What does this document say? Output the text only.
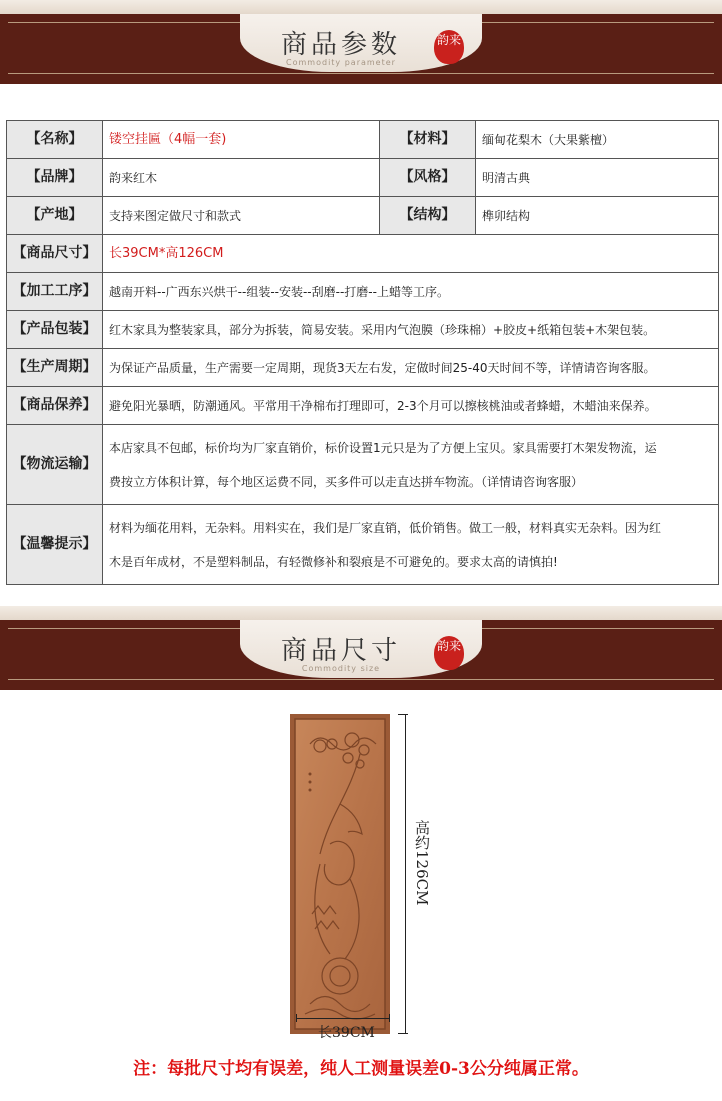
商品参数
Commodity parameter
韵来
【名称】	镂空挂匾（4幅一套)	【材料】	缅甸花梨木（大果紫檀）
【品牌】	韵来红木	【风格】	明清古典
【产地】	支持来图定做尺寸和款式	【结构】	榫卯结构
【商品尺寸】	长39CM*高126CM		
【加工工序】	越南开料--广西东兴烘干--组装--安装--刮磨--打磨--上蜡等工序。		
【产品包装】	红木家具为整装家具，部分为拆装，简易安装。采用内气泡膜（珍珠棉）+胶皮+纸箱包装+木架包装。		
【生产周期】	为保证产品质量，生产需要一定周期，现货3天左右发，定做时间25-40天时间不等，详情请咨询客服。		
【商品保养】	避免阳光暴晒，防潮通风。平常用干净棉布打理即可，2-3个月可以擦核桃油或者蜂蜡，木蜡油来保养。		
【物流运输】	本店家具不包邮，标价均为厂家直销价，标价设置1元只是为了方便上宝贝。家具需要打木架发物流，运
费按立方体积计算，每个地区运费不同，买多件可以走直达拼车物流。（详情请咨询客服）		

【温馨提示】	材料为缅花用料，无杂料。用料实在，我们是厂家直销，低价销售。做工一般，材料真实无杂料。因为红
木是百年成材，不是塑料制品，有轻微修补和裂痕是不可避免的。要求太高的请慎拍!		
商品尺寸
Commodity size
韵来
高约126CM
长39CM
注：每批尺寸均有误差，纯人工测量误差0-3公分纯属正常。
